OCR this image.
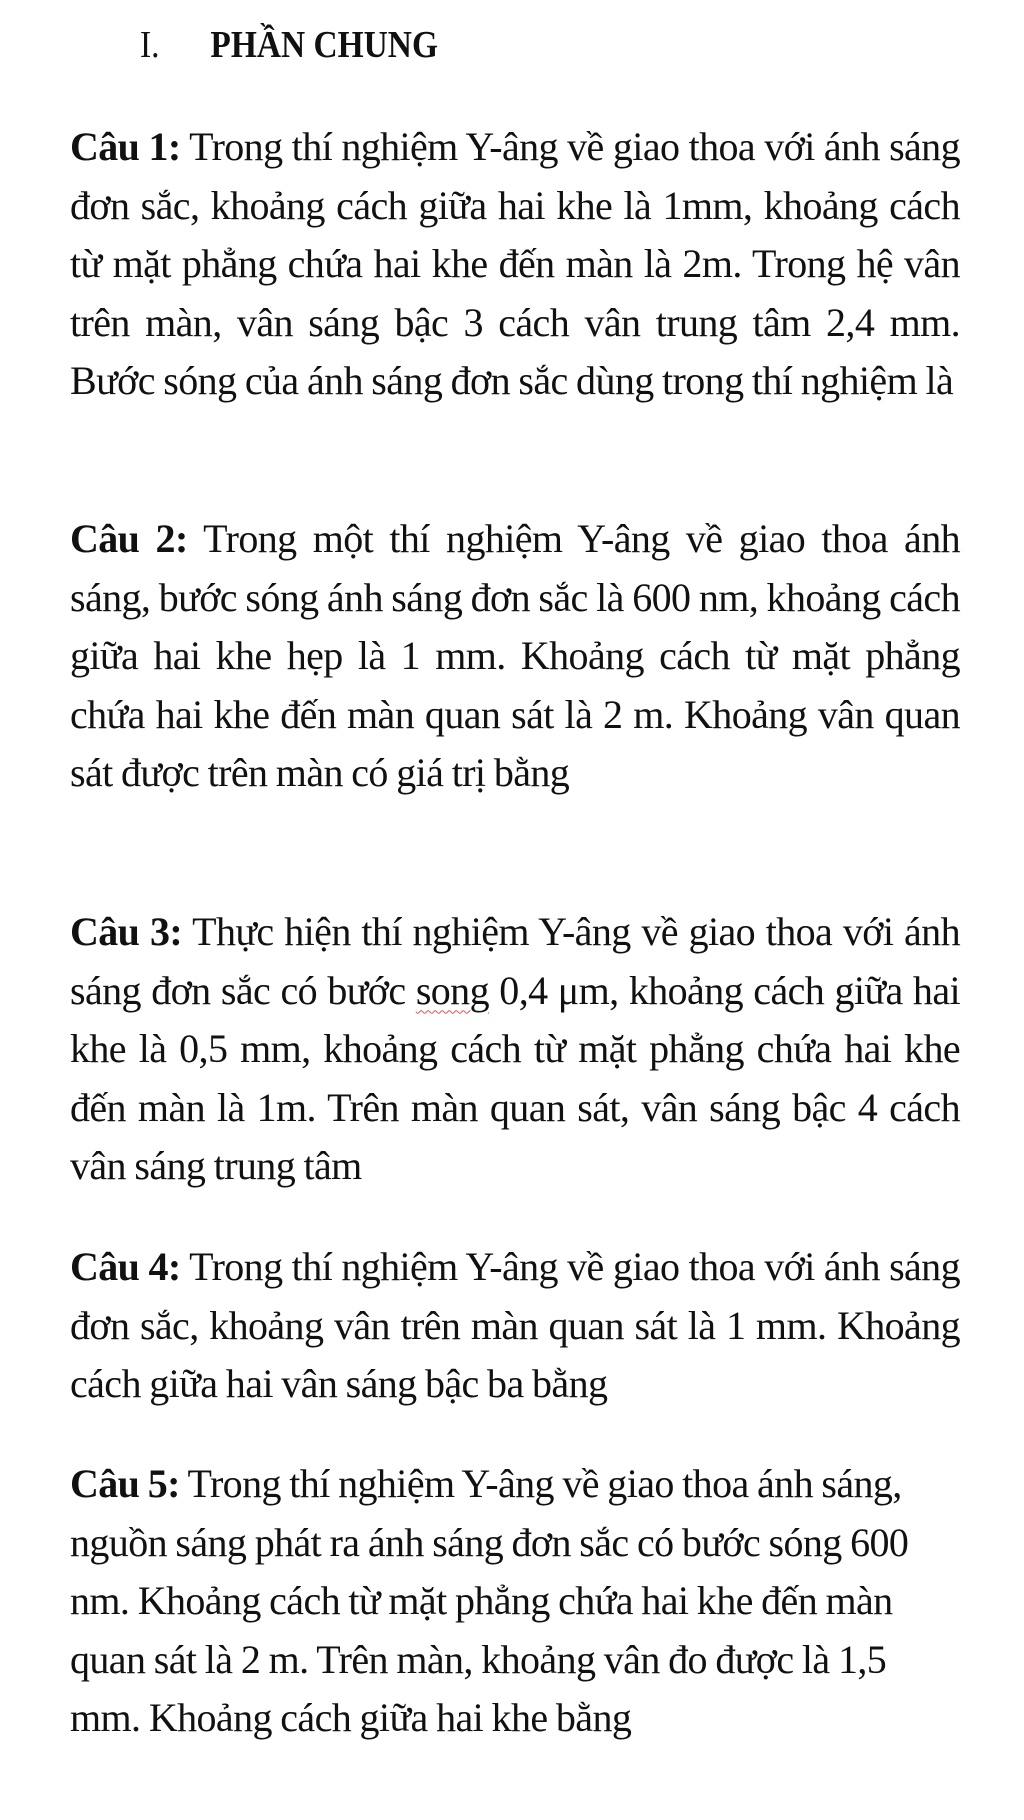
I.	PHẦN CHUNG

Câu 1: Trong thí nghiệm Y-âng về giao thoa với ánh sáng đơn sắc, khoảng cách giữa hai khe là 1mm, khoảng cách từ mặt phẳng chứa hai khe đến màn là 2m. Trong hệ vân trên màn, vân sáng bậc 3 cách vân trung tâm 2,4 mm. Bước sóng của ánh sáng đơn sắc dùng trong thí nghiệm là

Câu 2: Trong một thí nghiệm Y-âng về giao thoa ánh sáng, bước sóng ánh sáng đơn sắc là 600 nm, khoảng cách giữa hai khe hẹp là 1 mm. Khoảng cách từ mặt phẳng chứa hai khe đến màn quan sát là 2 m. Khoảng vân quan sát được trên màn có giá trị bằng

Câu 3: Thực hiện thí nghiệm Y-âng về giao thoa với ánh sáng đơn sắc có bước song 0,4 μm, khoảng cách giữa hai khe là 0,5 mm, khoảng cách từ mặt phẳng chứa hai khe đến màn là 1m. Trên màn quan sát, vân sáng bậc 4 cách vân sáng trung tâm

Câu 4: Trong thí nghiệm Y-âng về giao thoa với ánh sáng đơn sắc, khoảng vân trên màn quan sát là 1 mm. Khoảng cách giữa hai vân sáng bậc ba bằng

Câu 5: Trong thí nghiệm Y-âng về giao thoa ánh sáng, nguồn sáng phát ra ánh sáng đơn sắc có bước sóng 600 nm. Khoảng cách từ mặt phẳng chứa hai khe đến màn quan sát là 2 m. Trên màn, khoảng vân đo được là 1,5 mm. Khoảng cách giữa hai khe bằng
